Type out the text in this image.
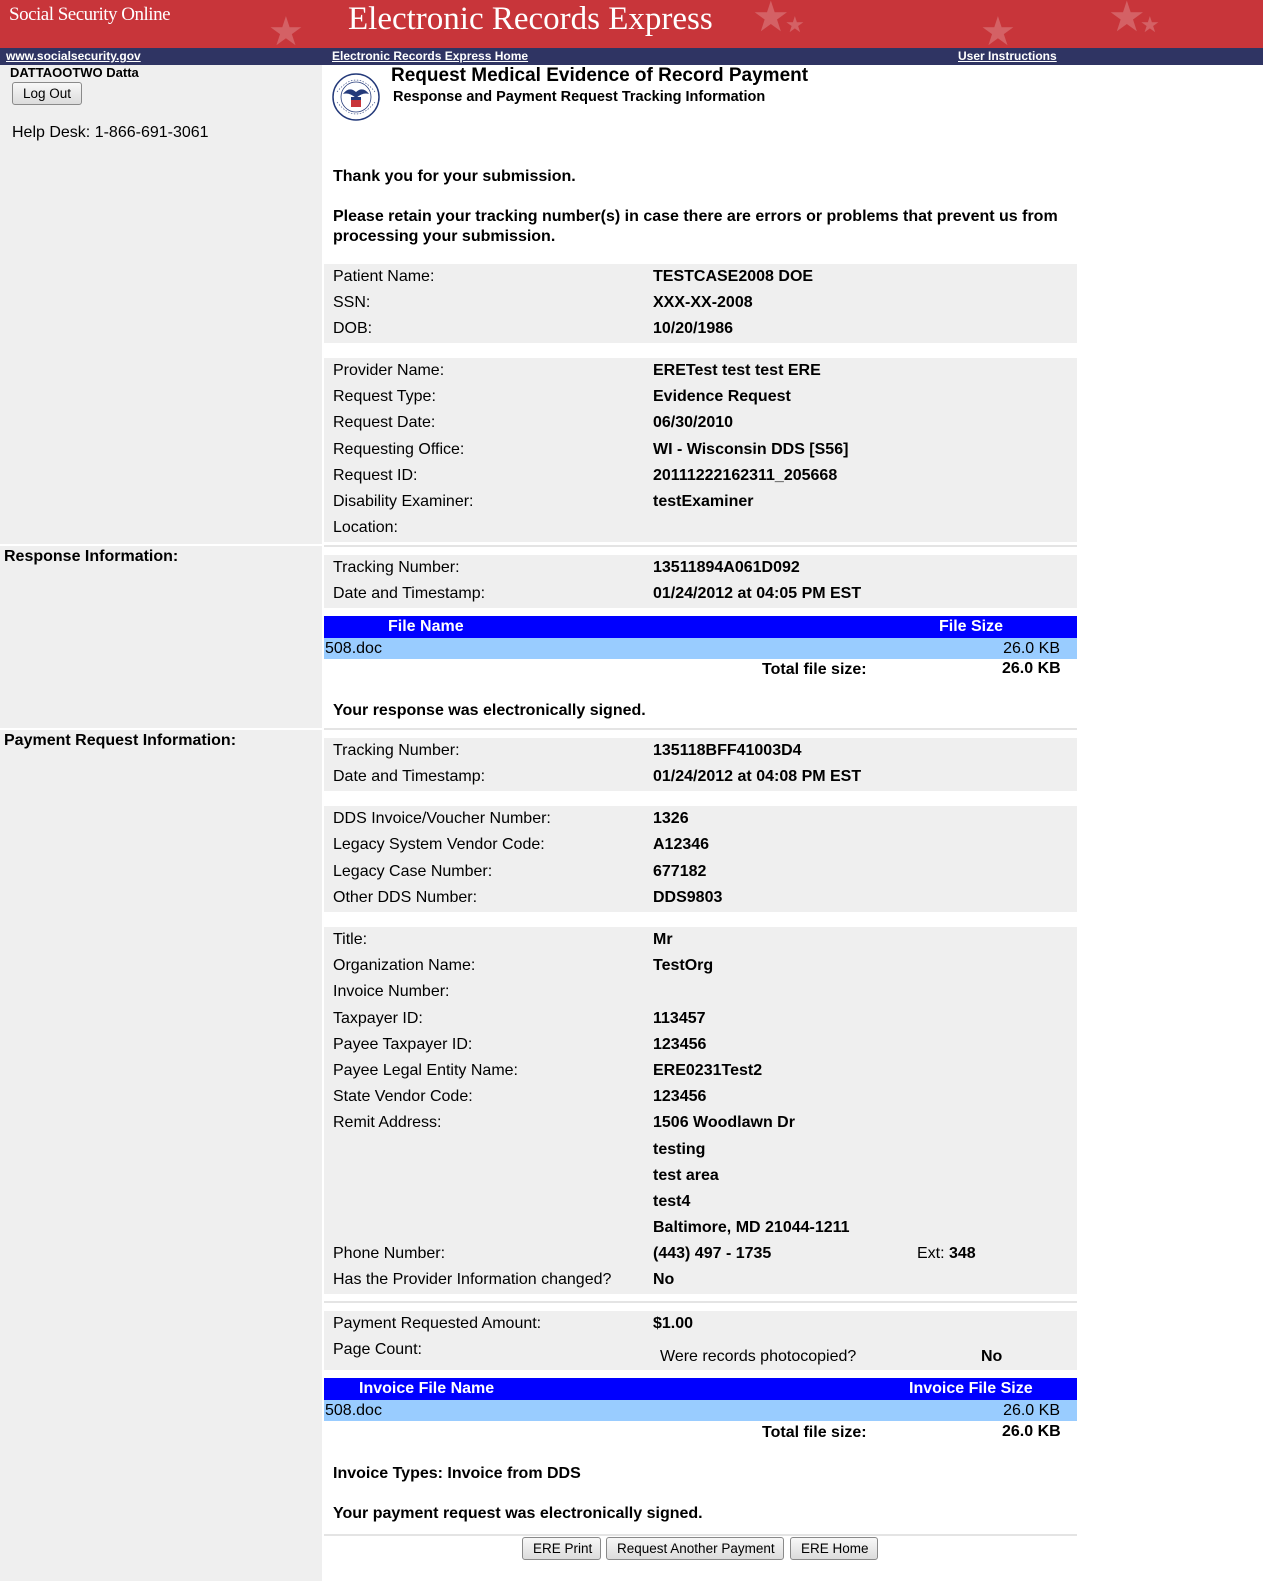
★	★
★	★ ★
★
Social Security Online	Electronic Records Express
www.socialsecurity.gov	Electronic Records Express Home	User Instructions
DATTAOOTWO Datta
Log Out
Help Desk: 1-866-691-3061
Response Information:
Payment Request Information:
Request Medical Evidence of Record Payment
Response and Payment Request Tracking Information
Thank you for your submission.
Please retain your tracking number(s) in case there are errors or problems that prevent us from processing your submission.
Patient Name:	TESTCASE2008 DOE
SSN:	XXX-XX-2008
DOB:	10/20/1986
Provider Name:	ERETest test test ERE
Request Type:	Evidence Request
Request Date:	06/30/2010
Requesting Office:	WI - Wisconsin DDS [S56]
Request ID:	20111222162311_205668
Disability Examiner:	testExaminer
Location:
Tracking Number:	13511894A061D092
Date and Timestamp:	01/24/2012 at 04:05 PM EST
File Name	File Size
508.doc	26.0 KB
Total file size:	26.0 KB
Your response was electronically signed.
Tracking Number:	135118BFF41003D4
Date and Timestamp:	01/24/2012 at 04:08 PM EST
DDS Invoice/Voucher Number:	1326
Legacy System Vendor Code:	A12346
Legacy Case Number:	677182
Other DDS Number:	DDS9803
Title:	Mr
Organization Name:	TestOrg
Invoice Number:
Taxpayer ID:	113457
Payee Taxpayer ID:	123456
Payee Legal Entity Name:	ERE0231Test2
State Vendor Code:	123456
Remit Address:	1506 Woodlawn Dr
testing
test area
test4
Baltimore, MD 21044-1211
Phone Number:	(443) 497 - 1735	Ext: 348
Has the Provider Information changed?	No
Payment Requested Amount:	$1.00
Page Count:	Were records photocopied?	No
Invoice File Name	Invoice File Size
508.doc	26.0 KB
Total file size:	26.0 KB
Invoice Types: Invoice from DDS
Your payment request was electronically signed.
ERE Print	Request Another Payment	ERE Home
